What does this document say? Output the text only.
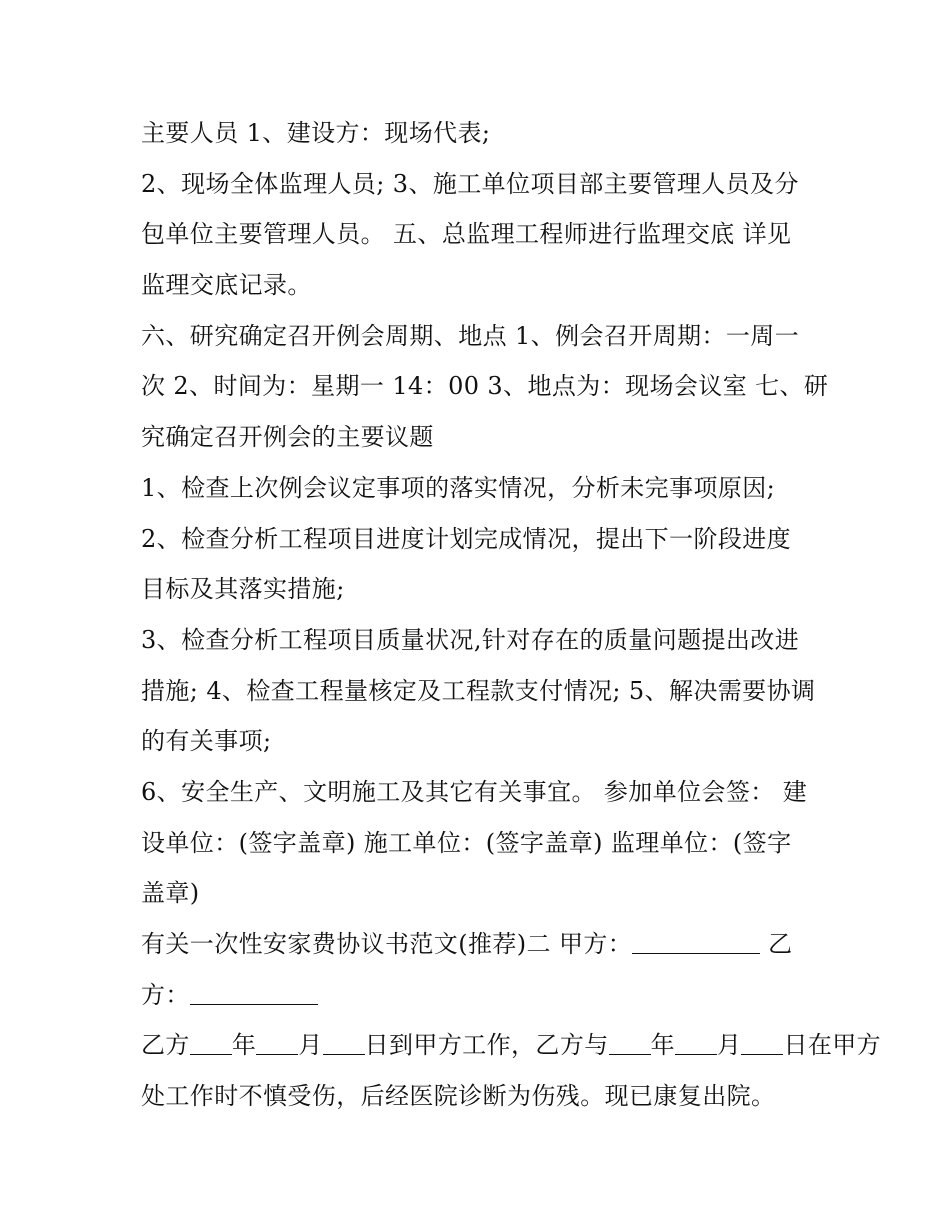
主要人员 1、建设方：现场代表;
2、现场全体监理人员; 3、施工单位项目部主要管理人员及分
包单位主要管理人员。 五、总监理工程师进行监理交底 详见
监理交底记录。
六、研究确定召开例会周期、地点 1、例会召开周期：一周一
次 2、时间为：星期一 14：00 3、地点为：现场会议室 七、研
究确定召开例会的主要议题
1、检查上次例会议定事项的落实情况，分析未完事项原因;
2、检查分析工程项目进度计划完成情况，提出下一阶段进度
目标及其落实措施;
3、检查分析工程项目质量状况,针对存在的质量问题提出改进
措施; 4、检查工程量核定及工程款支付情况; 5、解决需要协调
的有关事项;
6、安全生产、文明施工及其它有关事宜。 参加单位会签： 建
设单位：(签字盖章) 施工单位：(签字盖章) 监理单位：(签字
盖章)
有关一次性安家费协议书范文(推荐)二 甲方：	乙
方：
乙方 年 月 日到甲方工作，乙方与 年 月 日在甲方
处工作时不慎受伤，后经医院诊断为伤残。现已康复出院。
